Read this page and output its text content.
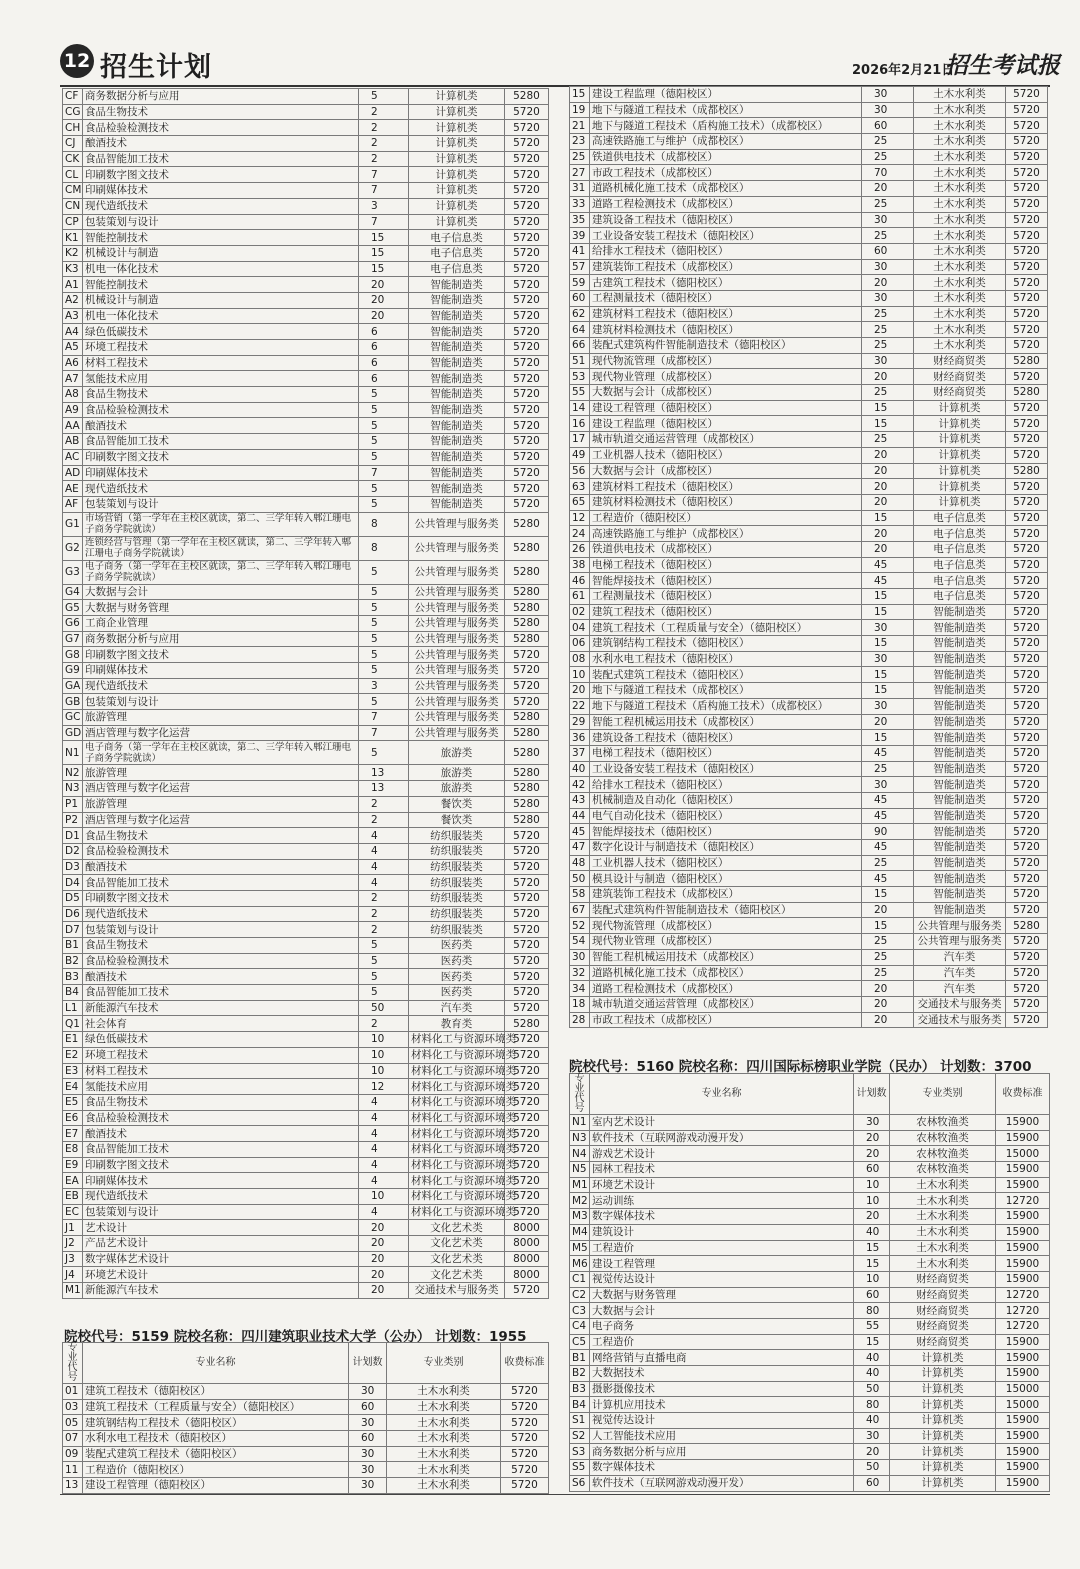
12 招生计划	2026年2月21日
招生考试报
CF	商务数据分析与应用	5	计算机类	5280
CG	食品生物技术	2	计算机类	5720
CH	食品检验检测技术	2	计算机类	5720
CJ	酿酒技术	2	计算机类	5720
CK	食品智能加工技术	2	计算机类	5720
CL	印刷数字图文技术	7	计算机类	5720
CM	印刷媒体技术	7	计算机类	5720
CN	现代造纸技术	3	计算机类	5720
CP	包装策划与设计	7	计算机类	5720
K1	智能控制技术	15	电子信息类	5720
K2	机械设计与制造	15	电子信息类	5720
K3	机电一体化技术	15	电子信息类	5720
A1	智能控制技术	20	智能制造类	5720
A2	机械设计与制造	20	智能制造类	5720
A3	机电一体化技术	20	智能制造类	5720
A4	绿色低碳技术	6	智能制造类	5720
A5	环境工程技术	6	智能制造类	5720
A6	材料工程技术	6	智能制造类	5720
A7	氢能技术应用	6	智能制造类	5720
A8	食品生物技术	5	智能制造类	5720
A9	食品检验检测技术	5	智能制造类	5720
AA	酿酒技术	5	智能制造类	5720
AB	食品智能加工技术	5	智能制造类	5720
AC	印刷数字图文技术	5	智能制造类	5720
AD	印刷媒体技术	7	智能制造类	5720
AE	现代造纸技术	5	智能制造类	5720
AF	包装策划与设计	5	智能制造类	5720
G1	市场营销（第一学年在主校区就读，第二、三学年转入郫江珊电子商务学院就读）	8	公共管理与服务类	5280
G2	连锁经营与管理（第一学年在主校区就读，第二、三学年转入郫江珊电子商务学院就读）	8	公共管理与服务类	5280
G3	电子商务（第一学年在主校区就读，第二、三学年转入郫江珊电子商务学院就读）	5	公共管理与服务类	5280
G4	大数据与会计	5	公共管理与服务类	5280
G5	大数据与财务管理	5	公共管理与服务类	5280
G6	工商企业管理	5	公共管理与服务类	5280
G7	商务数据分析与应用	5	公共管理与服务类	5280
G8	印刷数字图文技术	5	公共管理与服务类	5720
G9	印刷媒体技术	5	公共管理与服务类	5720
GA	现代造纸技术	3	公共管理与服务类	5720
GB	包装策划与设计	5	公共管理与服务类	5720
GC	旅游管理	7	公共管理与服务类	5280
GD	酒店管理与数字化运营	7	公共管理与服务类	5280
N1	电子商务（第一学年在主校区就读，第二、三学年转入郫江珊电子商务学院就读）	5	旅游类	5280
N2	旅游管理	13	旅游类	5280
N3	酒店管理与数字化运营	13	旅游类	5280
P1	旅游管理	2	餐饮类	5280
P2	酒店管理与数字化运营	2	餐饮类	5280
D1	食品生物技术	4	纺织服装类	5720
D2	食品检验检测技术	4	纺织服装类	5720
D3	酿酒技术	4	纺织服装类	5720
D4	食品智能加工技术	4	纺织服装类	5720
D5	印刷数字图文技术	2	纺织服装类	5720
D6	现代造纸技术	2	纺织服装类	5720
D7	包装策划与设计	2	纺织服装类	5720
B1	食品生物技术	5	医药类	5720
B2	食品检验检测技术	5	医药类	5720
B3	酿酒技术	5	医药类	5720
B4	食品智能加工技术	5	医药类	5720
L1	新能源汽车技术	50	汽车类	5720
Q1	社会体育	2	教育类	5280
E1	绿色低碳技术	10	材料化工与资源环境类	5720
E2	环境工程技术	10	材料化工与资源环境类	5720
E3	材料工程技术	10	材料化工与资源环境类	5720
E4	氢能技术应用	12	材料化工与资源环境类	5720
E5	食品生物技术	4	材料化工与资源环境类	5720
E6	食品检验检测技术	4	材料化工与资源环境类	5720
E7	酿酒技术	4	材料化工与资源环境类	5720
E8	食品智能加工技术	4	材料化工与资源环境类	5720
E9	印刷数字图文技术	4	材料化工与资源环境类	5720
EA	印刷媒体技术	4	材料化工与资源环境类	5720
EB	现代造纸技术	10	材料化工与资源环境类	5720
EC	包装策划与设计	4	材料化工与资源环境类	5720
J1	艺术设计	20	文化艺术类	8000
J2	产品艺术设计	20	文化艺术类	8000
J3	数字媒体艺术设计	20	文化艺术类	8000
J4	环境艺术设计	20	文化艺术类	8000
M1	新能源汽车技术	20	交通技术与服务类	5720
院校代号：5159 院校名称：四川建筑职业技术大学（公办） 计划数：1955
专业代号	专业名称	计划数	专业类别	收费标准
01	建筑工程技术（德阳校区）	30	土木水利类	5720
03	建筑工程技术（工程质量与安全）（德阳校区）	60	土木水利类	5720
05	建筑钢结构工程技术（德阳校区）	30	土木水利类	5720
07	水利水电工程技术（德阳校区）	60	土木水利类	5720
09	装配式建筑工程技术（德阳校区）	30	土木水利类	5720
11	工程造价（德阳校区）	30	土木水利类	5720
13	建设工程管理（德阳校区）	30	土木水利类	5720
15	建设工程监理（德阳校区）	30	土木水利类	5720
19	地下与隧道工程技术（成都校区）	30	土木水利类	5720
21	地下与隧道工程技术（盾构施工技术）（成都校区）	60	土木水利类	5720
23	高速铁路施工与维护（成都校区）	25	土木水利类	5720
25	铁道供电技术（成都校区）	25	土木水利类	5720
27	市政工程技术（成都校区）	70	土木水利类	5720
31	道路机械化施工技术（成都校区）	20	土木水利类	5720
33	道路工程检测技术（成都校区）	25	土木水利类	5720
35	建筑设备工程技术（德阳校区）	30	土木水利类	5720
39	工业设备安装工程技术（德阳校区）	25	土木水利类	5720
41	给排水工程技术（德阳校区）	60	土木水利类	5720
57	建筑装饰工程技术（成都校区）	30	土木水利类	5720
59	古建筑工程技术（德阳校区）	20	土木水利类	5720
60	工程测量技术（德阳校区）	30	土木水利类	5720
62	建筑材料工程技术（德阳校区）	25	土木水利类	5720
64	建筑材料检测技术（德阳校区）	25	土木水利类	5720
66	装配式建筑构件智能制造技术（德阳校区）	25	土木水利类	5720
51	现代物流管理（成都校区）	30	财经商贸类	5280
53	现代物业管理（成都校区）	20	财经商贸类	5720
55	大数据与会计（成都校区）	25	财经商贸类	5280
14	建设工程管理（德阳校区）	15	计算机类	5720
16	建设工程监理（德阳校区）	15	计算机类	5720
17	城市轨道交通运营管理（成都校区）	25	计算机类	5720
49	工业机器人技术（德阳校区）	20	计算机类	5720
56	大数据与会计（成都校区）	20	计算机类	5280
63	建筑材料工程技术（德阳校区）	20	计算机类	5720
65	建筑材料检测技术（德阳校区）	20	计算机类	5720
12	工程造价（德阳校区）	15	电子信息类	5720
24	高速铁路施工与维护（成都校区）	20	电子信息类	5720
26	铁道供电技术（成都校区）	20	电子信息类	5720
38	电梯工程技术（德阳校区）	45	电子信息类	5720
46	智能焊接技术（德阳校区）	45	电子信息类	5720
61	工程测量技术（德阳校区）	15	电子信息类	5720
02	建筑工程技术（德阳校区）	15	智能制造类	5720
04	建筑工程技术（工程质量与安全）（德阳校区）	30	智能制造类	5720
06	建筑钢结构工程技术（德阳校区）	15	智能制造类	5720
08	水利水电工程技术（德阳校区）	30	智能制造类	5720
10	装配式建筑工程技术（德阳校区）	15	智能制造类	5720
20	地下与隧道工程技术（成都校区）	15	智能制造类	5720
22	地下与隧道工程技术（盾构施工技术）（成都校区）	30	智能制造类	5720
29	智能工程机械运用技术（成都校区）	20	智能制造类	5720
36	建筑设备工程技术（德阳校区）	15	智能制造类	5720
37	电梯工程技术（德阳校区）	45	智能制造类	5720
40	工业设备安装工程技术（德阳校区）	25	智能制造类	5720
42	给排水工程技术（德阳校区）	30	智能制造类	5720
43	机械制造及自动化（德阳校区）	45	智能制造类	5720
44	电气自动化技术（德阳校区）	45	智能制造类	5720
45	智能焊接技术（德阳校区）	90	智能制造类	5720
47	数字化设计与制造技术（德阳校区）	45	智能制造类	5720
48	工业机器人技术（德阳校区）	25	智能制造类	5720
50	模具设计与制造（德阳校区）	45	智能制造类	5720
58	建筑装饰工程技术（成都校区）	15	智能制造类	5720
67	装配式建筑构件智能制造技术（德阳校区）	20	智能制造类	5720
52	现代物流管理（成都校区）	15	公共管理与服务类	5280
54	现代物业管理（成都校区）	25	公共管理与服务类	5720
30	智能工程机械运用技术（成都校区）	25	汽车类	5720
32	道路机械化施工技术（成都校区）	25	汽车类	5720
34	道路工程检测技术（成都校区）	20	汽车类	5720
18	城市轨道交通运营管理（成都校区）	20	交通技术与服务类	5720
28	市政工程技术（成都校区）	20	交通技术与服务类	5720
院校代号：5160 院校名称：四川国际标榜职业学院（民办） 计划数：3700
专业代号	专业名称	计划数	专业类别	收费标准
N1	室内艺术设计	30	农林牧渔类	15900
N3	软件技术（互联网游戏动漫开发）	20	农林牧渔类	15900
N4	游戏艺术设计	20	农林牧渔类	15000
N5	园林工程技术	60	农林牧渔类	15900
M1	环境艺术设计	10	土木水利类	15900
M2	运动训练	10	土木水利类	12720
M3	数字媒体技术	20	土木水利类	15900
M4	建筑设计	40	土木水利类	15900
M5	工程造价	15	土木水利类	15900
M6	建设工程管理	15	土木水利类	15900
C1	视觉传达设计	10	财经商贸类	15900
C2	大数据与财务管理	60	财经商贸类	12720
C3	大数据与会计	80	财经商贸类	12720
C4	电子商务	55	财经商贸类	12720
C5	工程造价	15	财经商贸类	15900
B1	网络营销与直播电商	40	计算机类	15900
B2	大数据技术	40	计算机类	15900
B3	摄影摄像技术	50	计算机类	15000
B4	计算机应用技术	80	计算机类	15000
S1	视觉传达设计	40	计算机类	15900
S2	人工智能技术应用	30	计算机类	15900
S3	商务数据分析与应用	20	计算机类	15900
S5	数字媒体技术	50	计算机类	15900
S6	软件技术（互联网游戏动漫开发）	60	计算机类	15900
